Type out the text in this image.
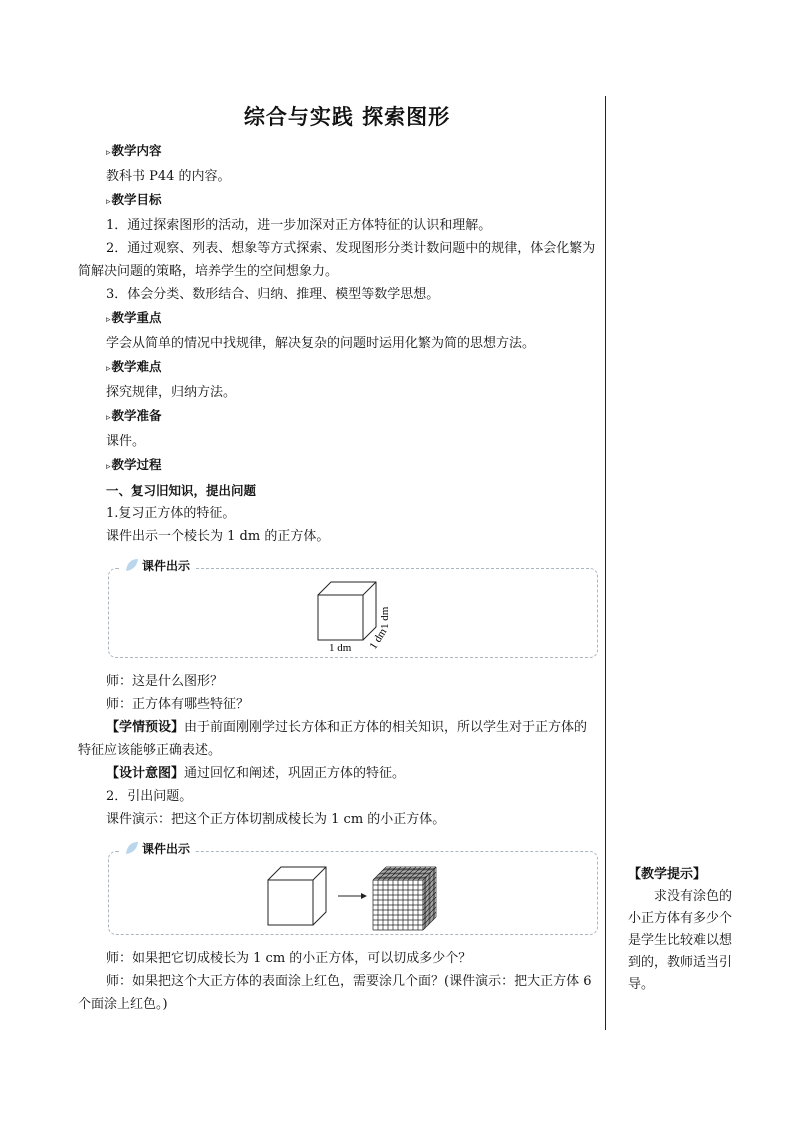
综合与实践 探索图形
▹教学内容
教科书 P44 的内容。
▹教学目标
1．通过探索图形的活动，进一步加深对正方体特征的认识和理解。
2．通过观察、列表、想象等方式探索、发现图形分类计数问题中的规律，体会化繁为简解决问题的策略，培养学生的空间想象力。
3．体会分类、数形结合、归纳、推理、模型等数学思想。
▹教学重点
学会从简单的情况中找规律，解决复杂的问题时运用化繁为简的思想方法。
▹教学难点
探究规律，归纳方法。
▹教学准备
课件。
▹教学过程
一、复习旧知识，提出问题
1.复习正方体的特征。
课件出示一个棱长为 1 dm 的正方体。
课件出示
1 dm
1 dm
1 dm
师：这是什么图形？
师：正方体有哪些特征？
【学情预设】由于前面刚刚学过长方体和正方体的相关知识，所以学生对于正方体的特征应该能够正确表述。
【设计意图】通过回忆和阐述，巩固正方体的特征。
2．引出问题。
课件演示：把这个正方体切割成棱长为 1 cm 的小正方体。
课件出示
师：如果把它切成棱长为 1 cm 的小正方体，可以切成多少个？
师：如果把这个大正方体的表面涂上红色，需要涂几个面？(课件演示：把大正方体 6 个面涂上红色。)
【教学提示】
求没有涂色的小正方体有多少个是学生比较难以想到的，教师适当引导。
